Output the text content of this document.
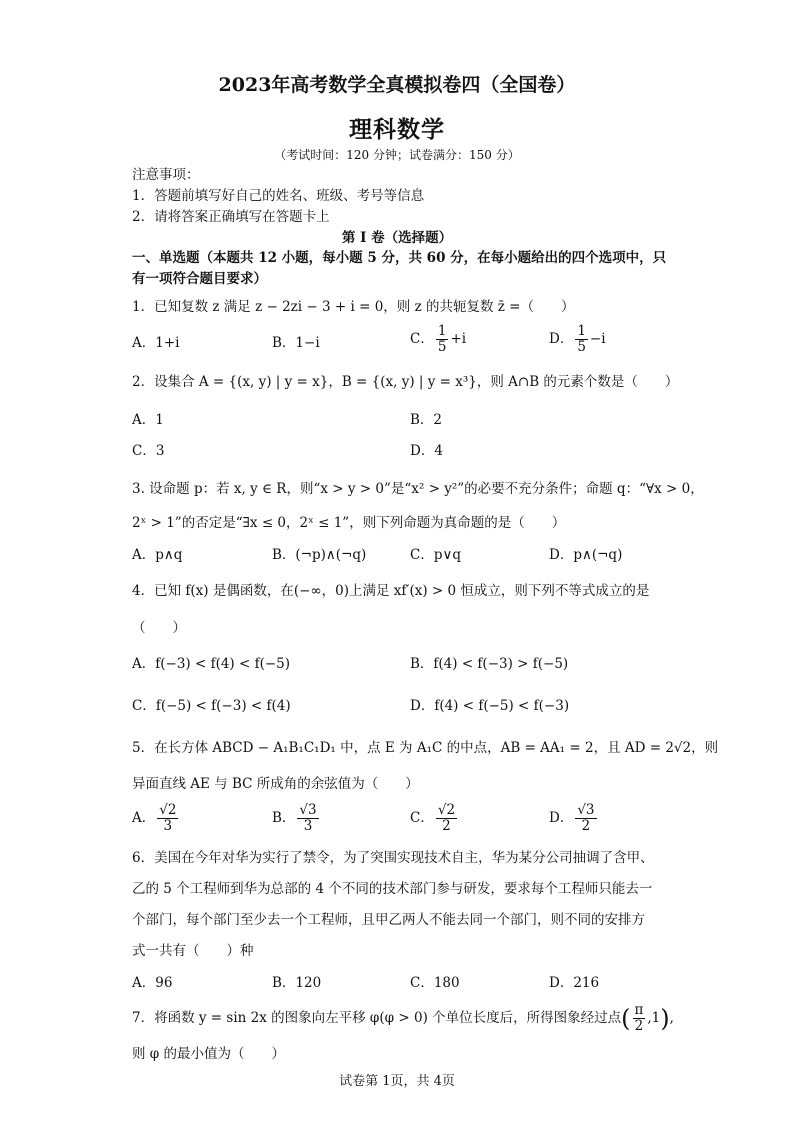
2023年高考数学全真模拟卷四（全国卷）
理科数学
（考试时间：120 分钟；试卷满分：150 分）
注意事项：
1．答题前填写好自己的姓名、班级、考号等信息
2．请将答案正确填写在答题卡上
第 I 卷（选择题）
一、单选题（本题共 12 小题，每小题 5 分，共 60 分，在每小题给出的四个选项中，只
有一项符合题目要求）
1．已知复数 z 满足 z − 2zi − 3 + i = 0，则 z 的共轭复数 z̄ =（　　）
A．1+i	B．1−i	C． $\frac{1}{5} +i$	D． $\frac{1}{5} -i$
2．设集合 A = {(x, y) | y = x}，B = {(x, y) | y = x³}，则 A∩B 的元素个数是（　　）
A．1	B．2
C．3	D．4
3. 设命题 p：若 x, y ∈ R，则“x > y > 0”是“x² > y²”的必要不充分条件；命题 q：“∀x > 0，
2ˣ > 1”的否定是“∃x ≤ 0，2ˣ ≤ 1”，则下列命题为真命题的是（　　）
A．p∧q	B．(¬p)∧(¬q)	C．p∨q	D．p∧(¬q)
4．已知 f(x) 是偶函数，在(−∞，0)上满足 xf′(x) > 0 恒成立，则下列不等式成立的是
（　　）
A．f(−3) < f(4) < f(−5)	B．f(4) < f(−3) > f(−5)
C．f(−5) < f(−3) < f(4)	D．f(4) < f(−5) < f(−3)
5．在长方体 ABCD − A₁B₁C₁D₁ 中，点 E 为 A₁C 的中点，AB = AA₁ = 2，且 AD = 2√2，则
异面直线 AE 与 BC 所成角的余弦值为（　　）
A． $\frac{√2}{3}$	B． $\frac{√3}{3}$	C． $\frac{√2}{2}$	D． $\frac{√3}{2}$
6．美国在今年对华为实行了禁令，为了突围实现技术自主，华为某分公司抽调了含甲、
乙的 5 个工程师到华为总部的 4 个不同的技术部门参与研发，要求每个工程师只能去一
个部门，每个部门至少去一个工程师，且甲乙两人不能去同一个部门，则不同的安排方
式一共有（　　）种
A．96	B．120	C．180	D．216
7．将函数 y = sin 2x 的图象向左平移 φ(φ > 0) 个单位长度后，所得图象经过点( $\frac{\pi}{2} ,1$),
则 φ 的最小值为（　　）
试卷第 1页，共 4页
